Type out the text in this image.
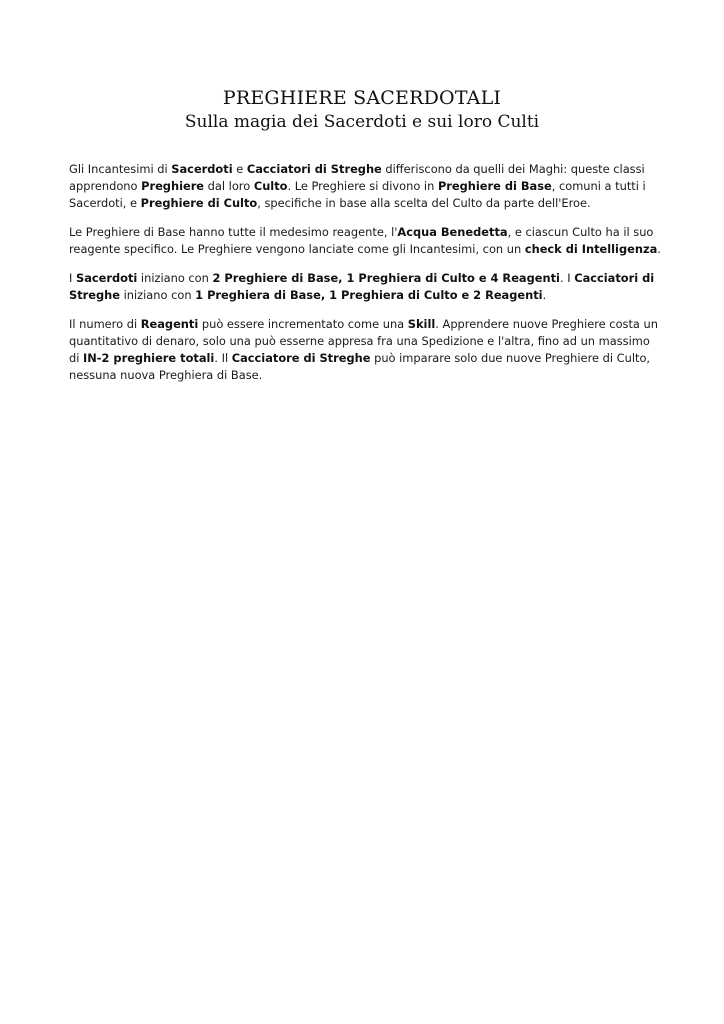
PREGHIERE SACERDOTALI
Sulla magia dei Sacerdoti e sui loro Culti

Gli Incantesimi di Sacerdoti e Cacciatori di Streghe differiscono da quelli dei Maghi: queste classi apprendono Preghiere dal loro Culto. Le Preghiere si divono in Preghiere di Base, comuni a tutti i Sacerdoti, e Preghiere di Culto, specifiche in base alla scelta del Culto da parte dell'Eroe.

Le Preghiere di Base hanno tutte il medesimo reagente, l'Acqua Benedetta, e ciascun Culto ha il suo reagente specifico. Le Preghiere vengono lanciate come gli Incantesimi, con un check di Intelligenza.

I Sacerdoti iniziano con 2 Preghiere di Base, 1 Preghiera di Culto e 4 Reagenti. I Cacciatori di Streghe iniziano con 1 Preghiera di Base, 1 Preghiera di Culto e 2 Reagenti.

Il numero di Reagenti può essere incrementato come una Skill. Apprendere nuove Preghiere costa un quantitativo di denaro, solo una può esserne appresa fra una Spedizione e l'altra, fino ad un massimo di IN-2 preghiere totali. Il Cacciatore di Streghe può imparare solo due nuove Preghiere di Culto, nessuna nuova Preghiera di Base.
